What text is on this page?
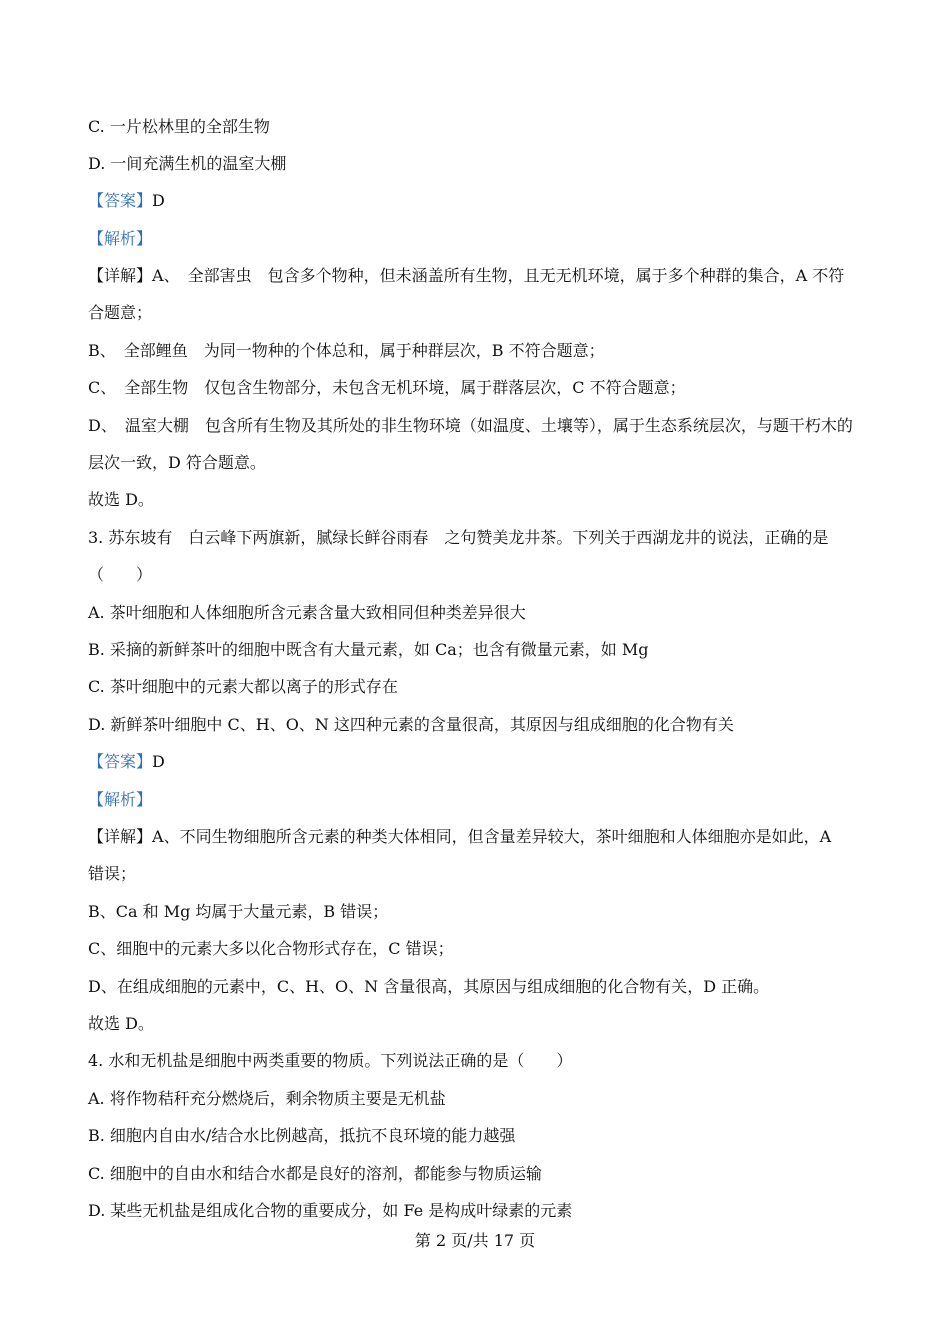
C. 一片松林里的全部生物
D. 一间充满生机的温室大棚
【答案】D
【解析】
【详解】A、　全部害虫　包含多个物种，但未涵盖所有生物，且无无机环境，属于多个种群的集合，A 不符
合题意；
B、　全部鲤鱼　为同一物种的个体总和，属于种群层次，B 不符合题意；
C、　全部生物　仅包含生物部分，未包含无机环境，属于群落层次，C 不符合题意；
D、　温室大棚　包含所有生物及其所处的非生物环境（如温度、土壤等），属于生态系统层次，与题干朽木的
层次一致，D 符合题意。
故选 D。
3. 苏东坡有　白云峰下两旗新，腻绿长鲜谷雨春　之句赞美龙井茶。下列关于西湖龙井的说法，正确的是
（　　）
A. 茶叶细胞和人体细胞所含元素含量大致相同但种类差异很大
B. 采摘的新鲜茶叶的细胞中既含有大量元素，如 Ca；也含有微量元素，如 Mg
C. 茶叶细胞中的元素大都以离子的形式存在
D. 新鲜茶叶细胞中 C、H、O、N 这四种元素的含量很高，其原因与组成细胞的化合物有关
【答案】D
【解析】
【详解】A、不同生物细胞所含元素的种类大体相同，但含量差异较大，茶叶细胞和人体细胞亦是如此，A
错误；
B、Ca 和 Mg 均属于大量元素，B 错误；
C、细胞中的元素大多以化合物形式存在，C 错误；
D、在组成细胞的元素中，C、H、O、N 含量很高，其原因与组成细胞的化合物有关，D 正确。
故选 D。
4. 水和无机盐是细胞中两类重要的物质。下列说法正确的是（　　）
A. 将作物秸秆充分燃烧后，剩余物质主要是无机盐
B. 细胞内自由水/结合水比例越高，抵抗不良环境的能力越强
C. 细胞中的自由水和结合水都是良好的溶剂，都能参与物质运输
D. 某些无机盐是组成化合物的重要成分，如 Fe 是构成叶绿素的元素
第 2 页/共 17 页
